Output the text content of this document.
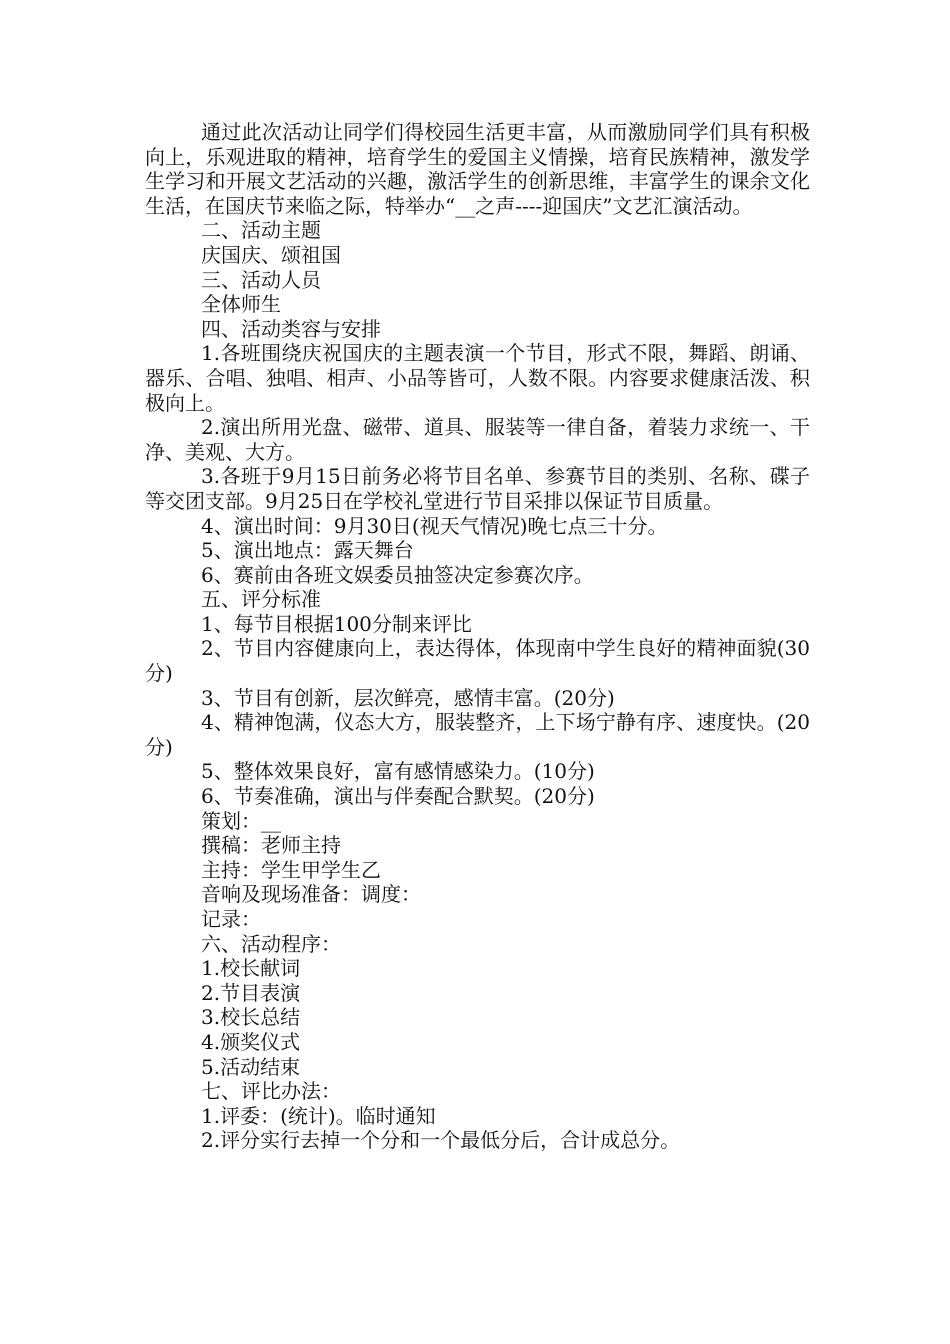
通过此次活动让同学们得校园生活更丰富，从而激励同学们具有积极向上，乐观进取的精神，培育学生的爱国主义情操，培育民族精神，激发学生学习和开展文艺活动的兴趣，激活学生的创新思维，丰富学生的课余文化生活，在国庆节来临之际，特举办“__之声----迎国庆”文艺汇演活动。

二、活动主题

庆国庆、颂祖国

三、活动人员

全体师生

四、活动类容与安排

1.各班围绕庆祝国庆的主题表演一个节目，形式不限，舞蹈、朗诵、器乐、合唱、独唱、相声、小品等皆可，人数不限。内容要求健康活泼、积极向上。

2.演出所用光盘、磁带、道具、服装等一律自备，着装力求统一、干净、美观、大方。

3.各班于9月15日前务必将节目名单、参赛节目的类别、名称、碟子等交团支部。9月25日在学校礼堂进行节目采排以保证节目质量。

4、演出时间：9月30日(视天气情况)晚七点三十分。

5、演出地点：露天舞台

6、赛前由各班文娱委员抽签决定参赛次序。

五、评分标准

1、每节目根据100分制来评比

2、节目内容健康向上，表达得体，体现南中学生良好的精神面貌(30分)

3、节目有创新，层次鲜亮，感情丰富。(20分)

4、精神饱满，仪态大方，服装整齐，上下场宁静有序、速度快。(20分)

5、整体效果良好，富有感情感染力。(10分)

6、节奏准确，演出与伴奏配合默契。(20分)

策划：__

撰稿：老师主持

主持：学生甲学生乙

音响及现场准备：调度：

记录：

六、活动程序：

1.校长献词

2.节目表演

3.校长总结

4.颁奖仪式

5.活动结束

七、评比办法：

1.评委：(统计)。临时通知

2.评分实行去掉一个分和一个最低分后，合计成总分。
